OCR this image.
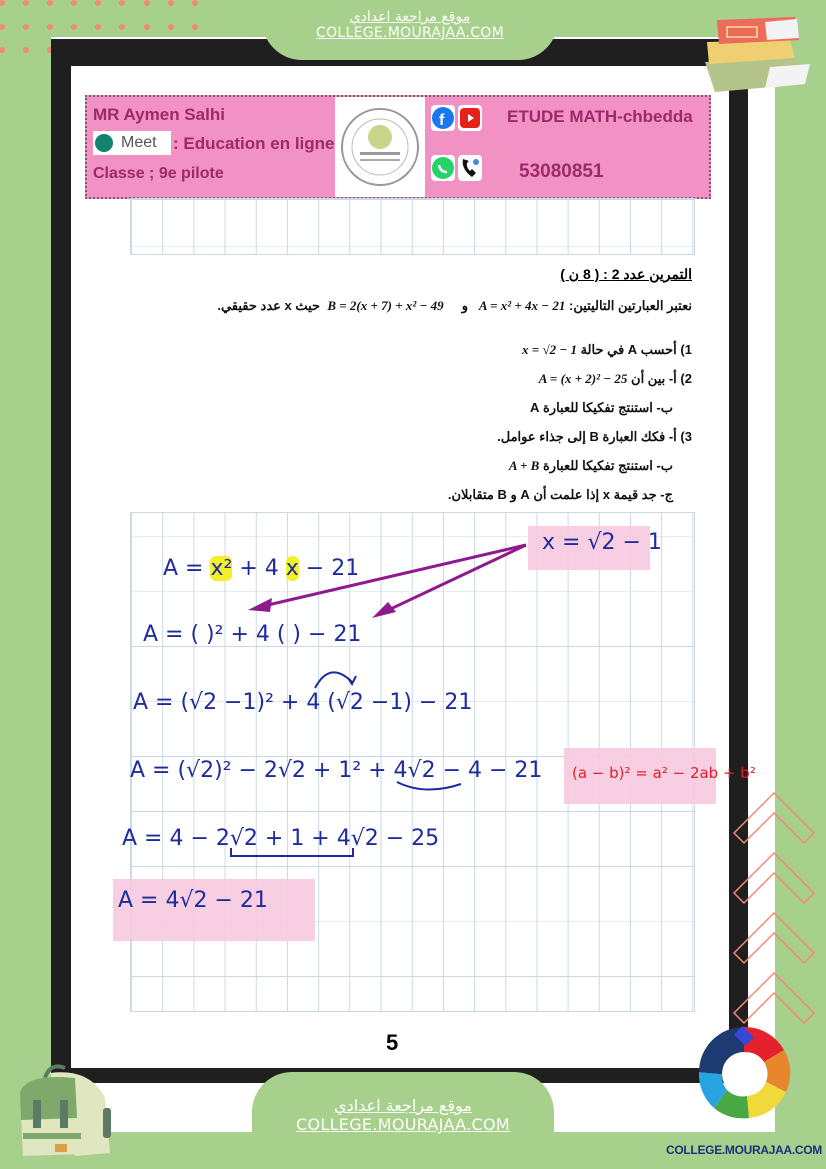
موقع مراجعة اعدادي
COLLEGE.MOURAJAA.COM
MR Aymen Salhi
Meet : Education en ligne
Classe ; 9e pilote
f	ETUDE MATH-chbedda
53080851
التمرين عدد 2 : ( 8 ن )
نعتبر العبارتين التاليتين: A = x² + 4x − 21   و     B = 2(x + 7) + x² − 49  حيث x عدد حقيقي.
1) أحسب A في حالة x = √2 − 1
2) أ- بين أن A = (x + 2)² − 25
ب- استنتج تفكيكا للعبارة A
3) أ- فكك العبارة B إلى جذاء عوامل.
ب- استنتج تفكيكا للعبارة A + B
ج- جد قيمة x إذا علمت أن A و B متقابلان.
x = √2 − 1
A = x² + 4 x − 21
A = ( )² + 4 ( ) − 21
A = (√2 −1)² + 4 (√2 −1) − 21
A = (√2)² − 2√2 + 1² + 4√2 − 4 − 21 (a − b)² = a² − 2ab + b²
A = 4 − 2√2 + 1 + 4√2 − 25
A = 4√2 − 21
5
موقع مراجعة اعدادي
COLLEGE.MOURAJAA.COM
COLLEGE.MOURAJAA.COM
